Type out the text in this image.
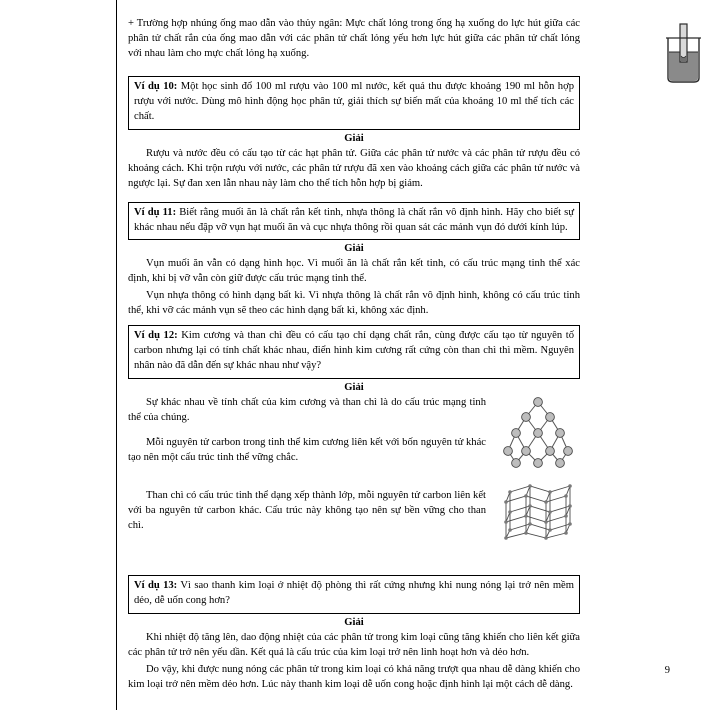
+ Trường hợp nhúng ống mao dẫn vào thủy ngân: Mực chất lỏng trong ống hạ xuống do lực hút giữa các phân tử chất rắn của ống mao dẫn với các phân tử chất lỏng yếu hơn lực hút giữa các phân tử chất lỏng với nhau làm cho mực chất lỏng hạ xuống.

Ví dụ 10: Một học sinh đổ 100 ml rượu vào 100 ml nước, kết quả thu được khoảng 190 ml hỗn hợp rượu với nước. Dùng mô hình động học phân tử, giải thích sự biến mất của khoảng 10 ml thể tích các chất.

Giải

Rượu và nước đều có cấu tạo từ các hạt phân tử. Giữa các phân tử nước và các phân tử rượu đều có khoảng cách. Khi trộn rượu với nước, các phân tử rượu đã xen vào khoảng cách giữa các phân tử nước và ngược lại. Sự đan xen lẫn nhau này làm cho thể tích hỗn hợp bị giảm.

Ví dụ 11: Biết rằng muối ăn là chất rắn kết tinh, nhựa thông là chất rắn vô định hình. Hãy cho biết sự khác nhau nếu đập vỡ vụn hạt muối ăn và cục nhựa thông rồi quan sát các mảnh vụn đó dưới kính lúp.

Giải

Vụn muối ăn vẫn có dạng hình học. Vì muối ăn là chất rắn kết tinh, có cấu trúc mạng tinh thể xác định, khi bị vỡ vẫn còn giữ được cấu trúc mạng tinh thể.

Vụn nhựa thông có hình dạng bất kì. Vì nhựa thông là chất rắn vô định hình, không có cấu trúc tinh thể, khi vỡ các mảnh vụn sẽ theo các hình dạng bất kì, không xác định.

Ví dụ 12: Kim cương và than chì đều có cấu tạo chỉ dạng chất rắn, cùng được cấu tạo từ nguyên tố carbon nhưng lại có tính chất khác nhau, điển hình kim cương rất cứng còn than chì thì mềm. Nguyên nhân nào đã dẫn đến sự khác nhau như vậy?

Giải

Sự khác nhau về tính chất của kim cương và than chì là do cấu trúc mạng tinh thể của chúng.

Mỗi nguyên tử carbon trong tinh thể kim cương liên kết với bốn nguyên tử khác tạo nên một cấu trúc tinh thể vững chắc.

Than chì có cấu trúc tinh thể dạng xếp thành lớp, mỗi nguyên tử carbon liên kết với ba nguyên tử carbon khác. Cấu trúc này không tạo nên sự bền vững cho than chì.

Ví dụ 13: Vì sao thanh kim loại ở nhiệt độ phòng thì rất cứng nhưng khi nung nóng lại trở nên mềm dẻo, dễ uốn cong hơn?

Giải

Khi nhiệt độ tăng lên, dao động nhiệt của các phân tử trong kim loại cũng tăng khiến cho liên kết giữa các phân tử trở nên yếu dần. Kết quả là cấu trúc của kim loại trở nên linh hoạt hơn và dẻo hơn.

Do vậy, khi được nung nóng các phân tử trong kim loại có khả năng trượt qua nhau dễ dàng khiến cho kim loại trở nên mềm dẻo hơn. Lúc này thanh kim loại dễ uốn cong hoặc định hình lại một cách dễ dàng.

9
